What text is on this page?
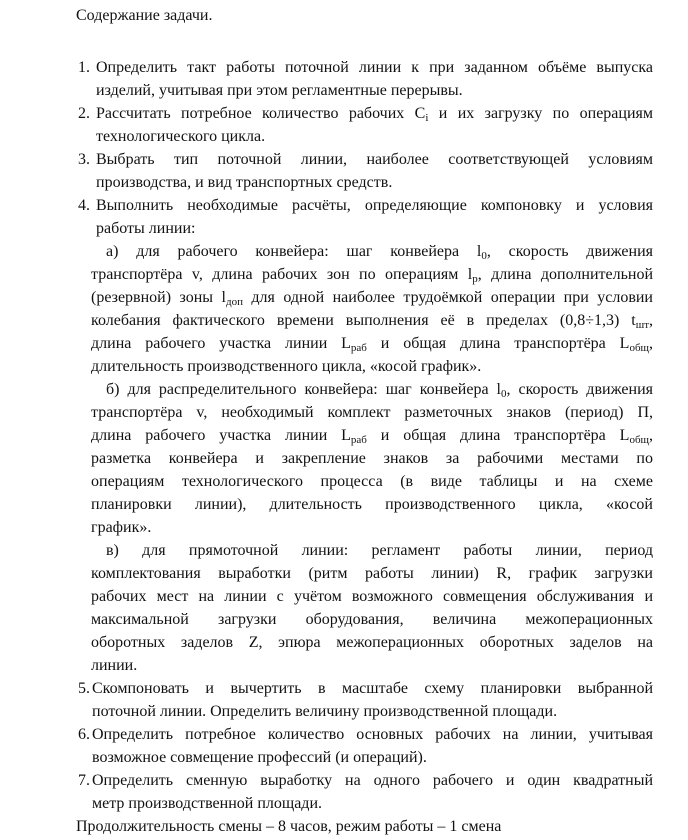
Содержание задачи.
1. Определить такт работы поточной линии к при заданном объёме выпуска
изделий, учитывая при этом регламентные перерывы.
2. Рассчитать потребное количество рабочих $C_i$ и их загрузку по операциям
технологического цикла.
3. Выбрать тип поточной линии, наиболее соответствующей условиям
производства, и вид транспортных средств.
4. Выполнить необходимые расчёты, определяющие компоновку и условия
работы линии:
а) для рабочего конвейера: шаг конвейера $l_0$, скорость движения
транспортёра v, длина рабочих зон по операциям $l_р$, длина дополнительной
(резервной) зоны $l_{доп}$ для одной наиболее трудоёмкой операции при условии
колебания фактического времени выполнения её в пределах (0,8÷1,3) $t_{шт}$,
длина рабочего участка линии $L_{раб}$ и общая длина транспортёра $L_{общ}$,
длительность производственного цикла, «косой график».
б) для распределительного конвейера: шаг конвейера $l_0$, скорость движения
транспортёра v, необходимый комплект разметочных знаков (период) П,
длина рабочего участка линии $L_{раб}$ и общая длина транспортёра $L_{общ}$,
разметка конвейера и закрепление знаков за рабочими местами по
операциям технологического процесса (в виде таблицы и на схеме
планировки линии), длительность производственного цикла, «косой
график».
в) для прямоточной линии: регламент работы линии, период
комплектования выработки (ритм работы линии) R, график загрузки
рабочих мест на линии с учётом возможного совмещения обслуживания и
максимальной загрузки оборудования, величина межоперационных
оборотных заделов Z, эпюра межоперационных оборотных заделов на
линии.
5. Скомпоновать и вычертить в масштабе схему планировки выбранной
поточной линии. Определить величину производственной площади.
6. Определить потребное количество основных рабочих на линии, учитывая
возможное совмещение профессий (и операций).
7. Определить сменную выработку на одного рабочего и один квадратный
метр производственной площади.
Продолжительность смены – 8 часов, режим работы – 1 смена
